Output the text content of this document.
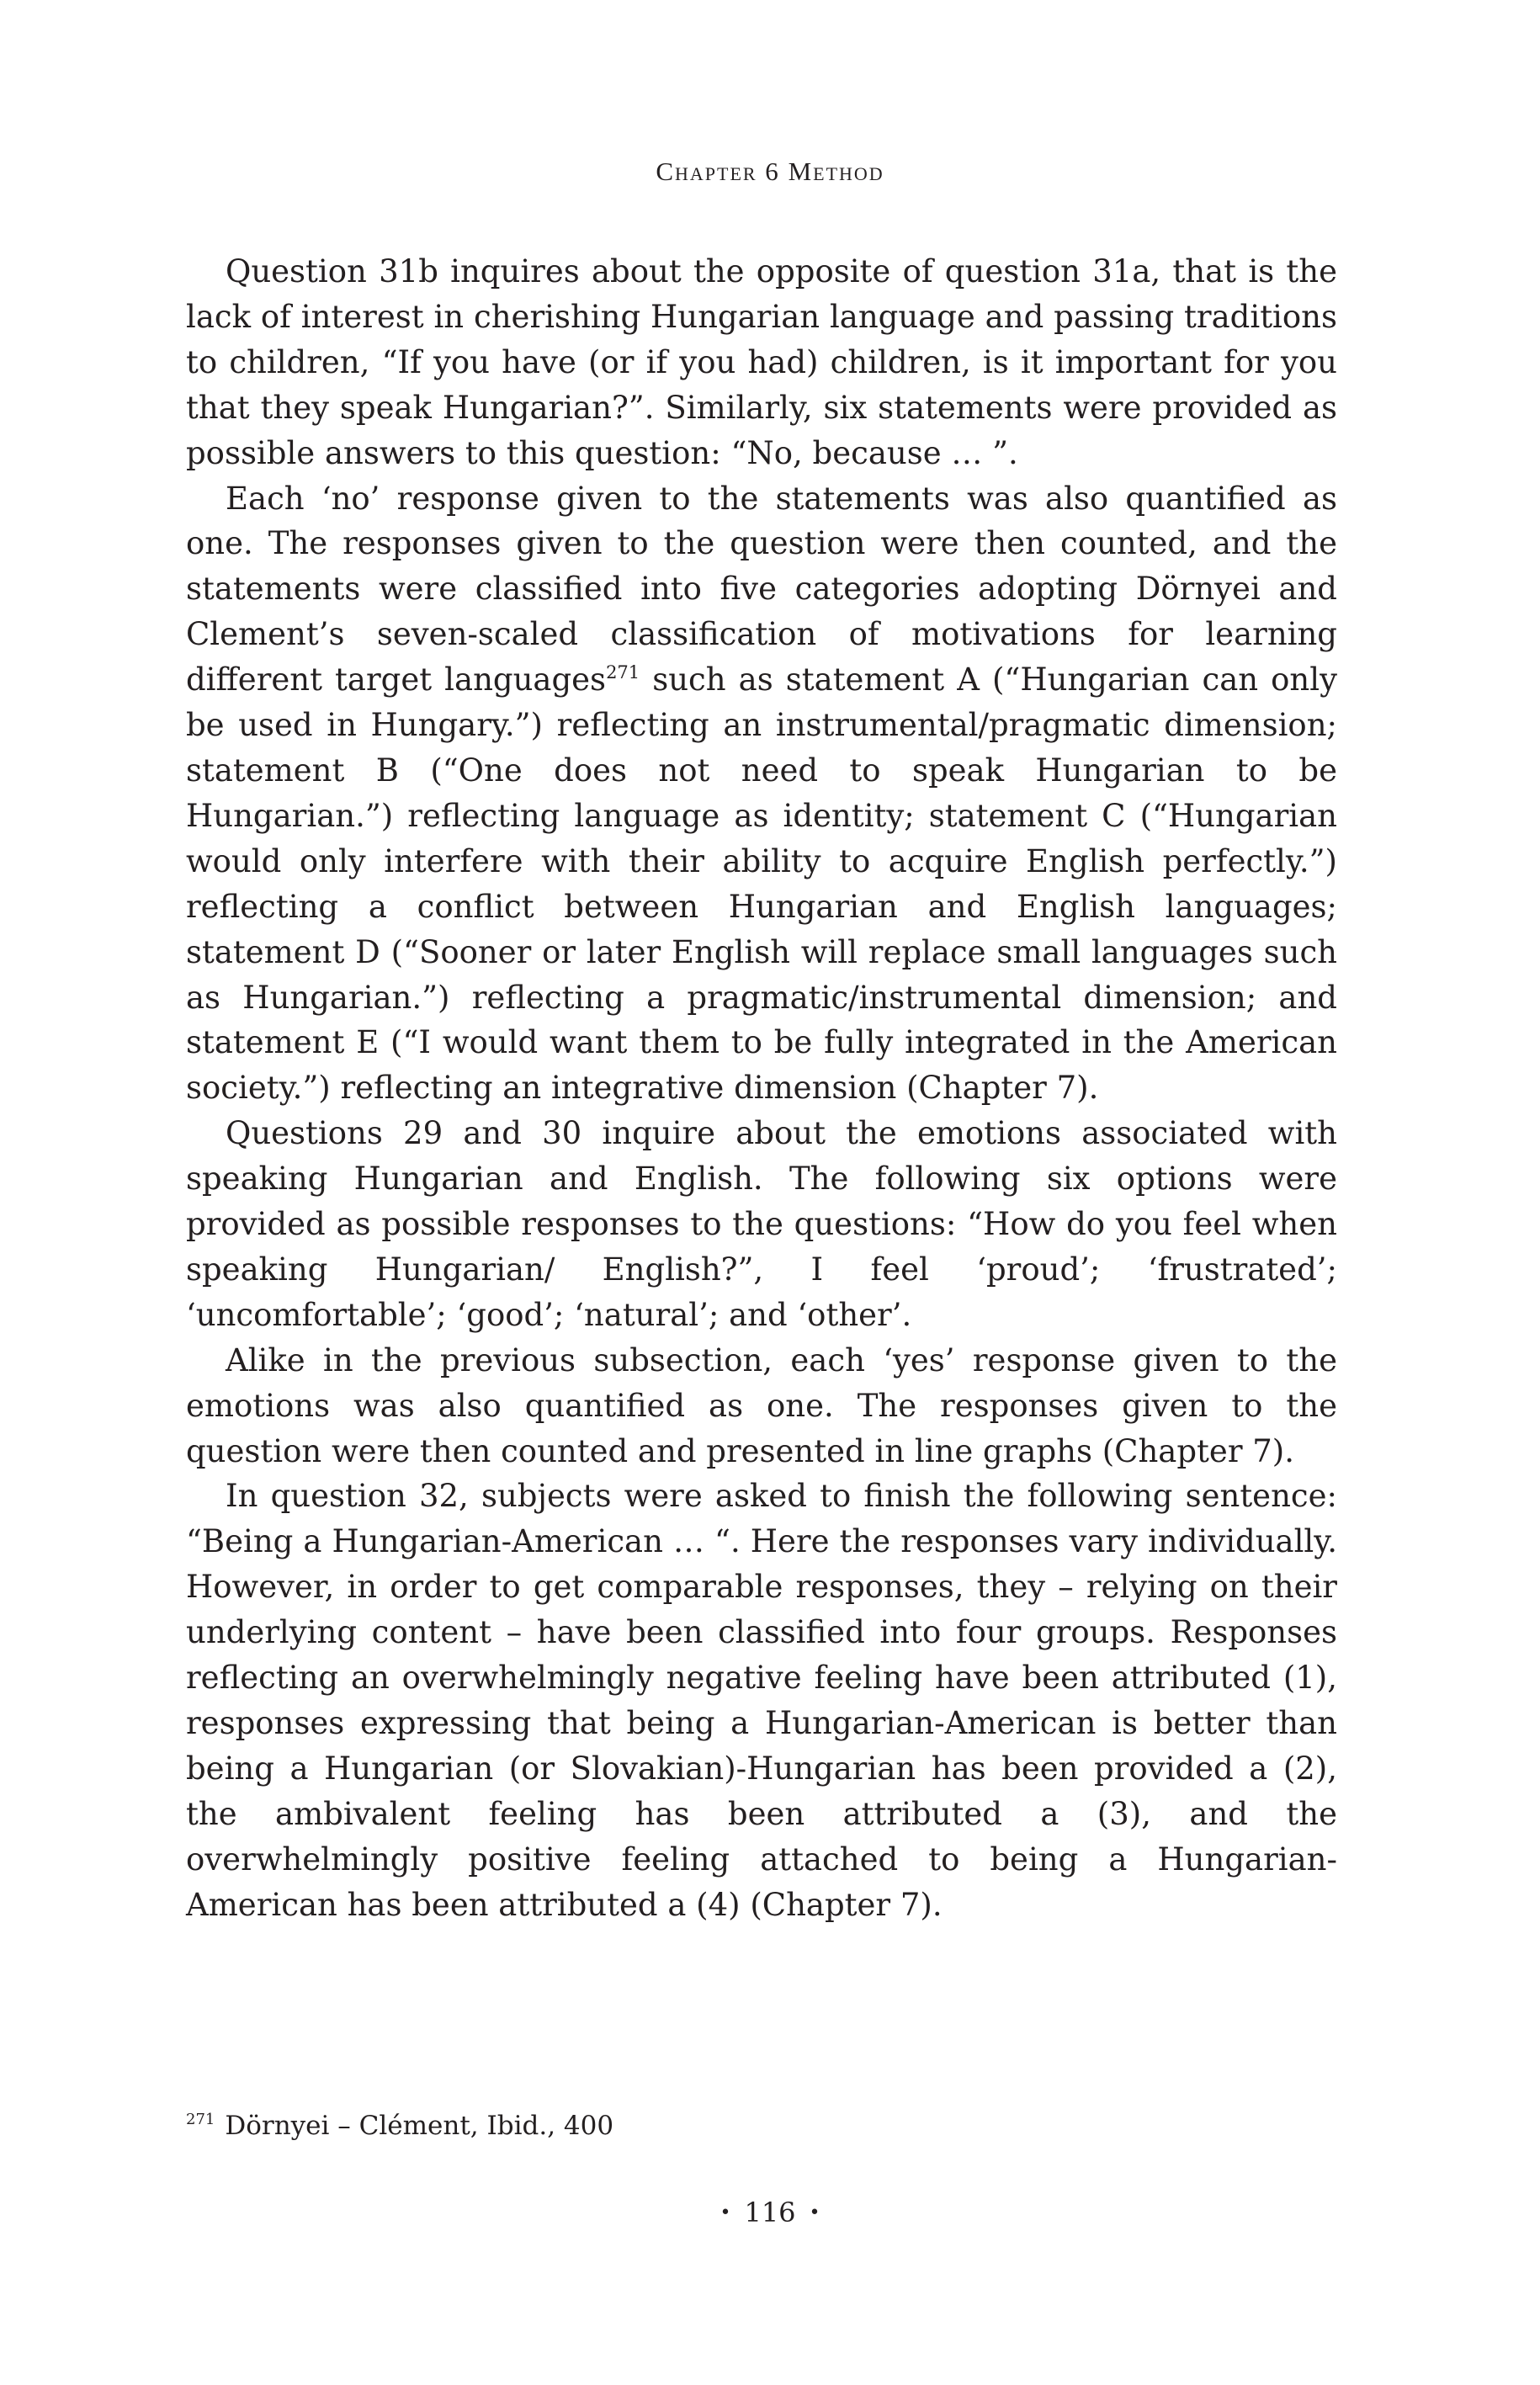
Chapter 6 Method

Question 31b inquires about the opposite of question 31a, that is the lack of interest in cherishing Hungarian language and passing traditions to children, “If you have (or if you had) children, is it important for you that they speak Hungarian?”. Similarly, six statements were provided as possible answers to this question: “No, because … ”.

Each ‘no’ response given to the statements was also quantified as one. The responses given to the question were then counted, and the statements were classified into five categories adopting Dörnyei and Clement’s seven-scaled classification of motivations for learning different target languages$^{271}$ such as statement A (“Hungarian can only be used in Hungary.”) reflecting an instrumental/pragmatic dimension; statement B (“One does not need to speak Hungarian to be Hungarian.”) reflecting language as identity; statement C (“Hungarian would only interfere with their ability to acquire English perfectly.”) reflecting a conflict between Hungarian and English languages; statement D (“Sooner or later English will replace small languages such as Hungarian.”) reflecting a pragmatic/instrumental dimension; and statement E (“I would want them to be fully integrated in the American society.”) reflecting an integrative dimension (Chapter 7).

Questions 29 and 30 inquire about the emotions associated with speaking Hungarian and English. The following six options were provided as possible responses to the questions: “How do you feel when speaking Hungarian/ English?”, I feel ‘proud’; ‘frustrated’; ‘uncomfortable’; ‘good’; ‘natural’; and ‘other’.

Alike in the previous subsection, each ‘yes’ response given to the emotions was also quantified as one. The responses given to the question were then counted and presented in line graphs (Chapter 7).

In question 32, subjects were asked to finish the following sentence: “Being a Hungarian-American … “. Here the responses vary individually. However, in order to get comparable responses, they – relying on their underlying content – have been classified into four groups. Responses reflecting an overwhelmingly negative feeling have been attributed (1), responses expressing that being a Hungarian-American is better than being a Hungarian (or Slovakian)-Hungarian has been provided a (2), the ambivalent feeling has been attributed a (3), and the overwhelmingly positive feeling attached to being a Hungarian-American has been attributed a (4) (Chapter 7).

$^{271}$ Dörnyei – Clément, Ibid., 400
• 116 •
